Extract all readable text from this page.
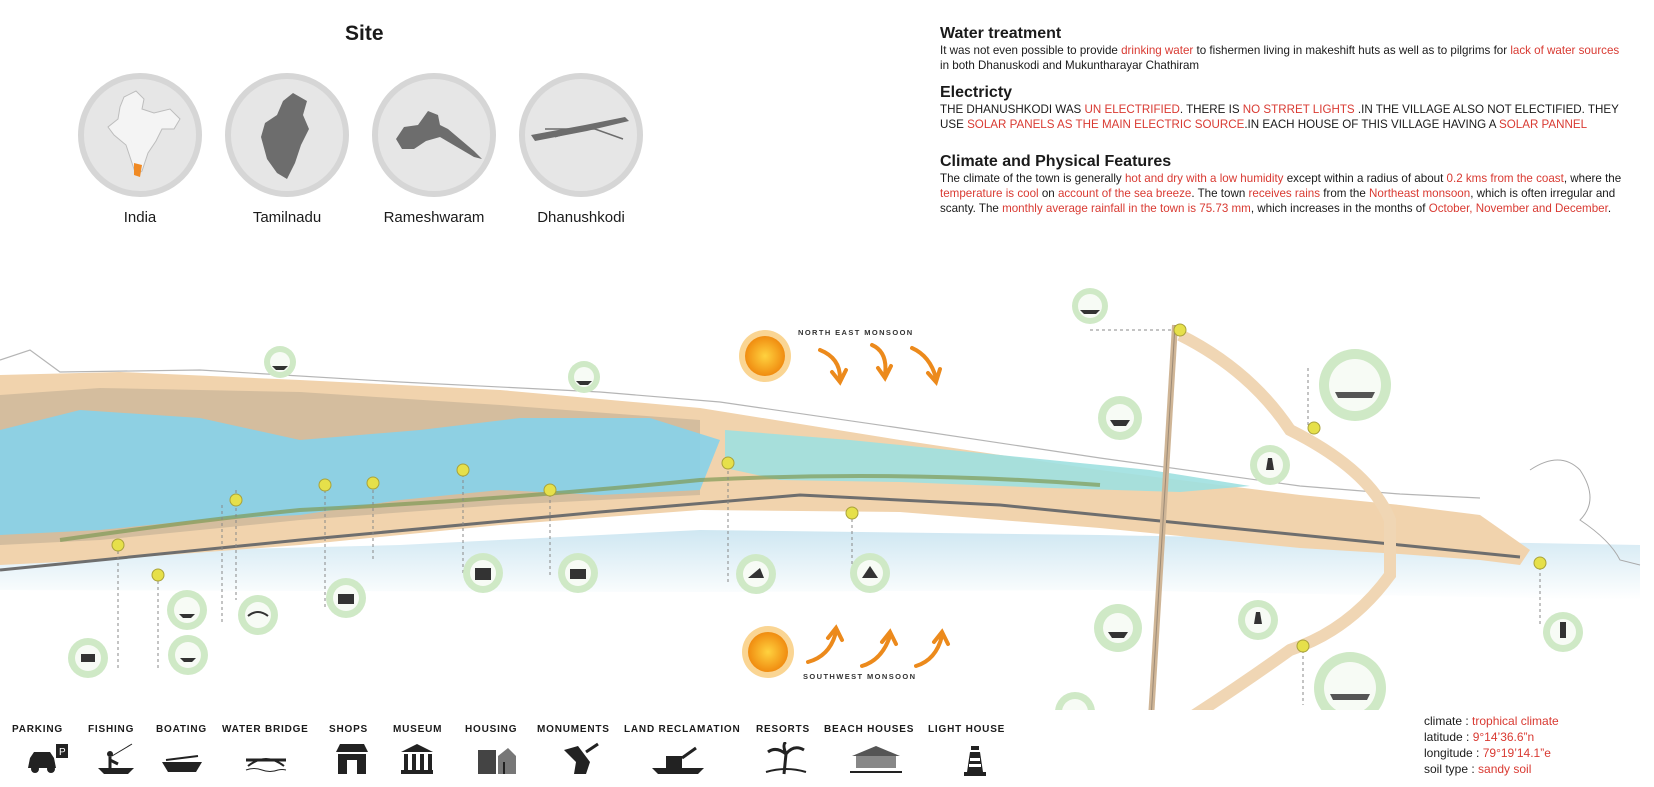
Site
India	Tamilnadu	Rameshwaram	Dhanushkodi
Water treatment
It was not even possible to provide drinking water to fishermen living in makeshift huts as well as to pilgrims for lack of water sources in both Dhanuskodi and Mukuntharayar Chathiram
Electricty
THE DHANUSHKODI WAS UN ELECTRIFIED. THERE IS NO STRRET LIGHTS .IN THE VILLAGE ALSO NOT ELECTIFIED. THEY USE SOLAR PANELS AS THE MAIN ELECTRIC SOURCE.IN EACH HOUSE OF THIS VILLAGE HAVING A SOLAR PANNEL
Climate and Physical Features
The climate of the town is generally hot and dry with a low humidity except within a radius of about 0.2 kms from the coast, where the temperature is cool on account of the sea breeze. The town receives rains from the Northeast monsoon, which is often irregular and scanty. The monthly average rainfall in the town is 75.73 mm, which increases in the months of October, November and December.
NORTH EAST MONSOON
SOUTHWEST MONSOON
PARKING	FISHING BOATING WATER BRIDGE SHOPS MUSEUM HOUSING MONUMENTS LAND RECLAMATION RESORTS BEACH HOUSES LIGHT HOUSE
P
climate : trophical climate
latitude : 9°14’36.6”n
longitude : 79°19’14.1”e
soil type : sandy soil
